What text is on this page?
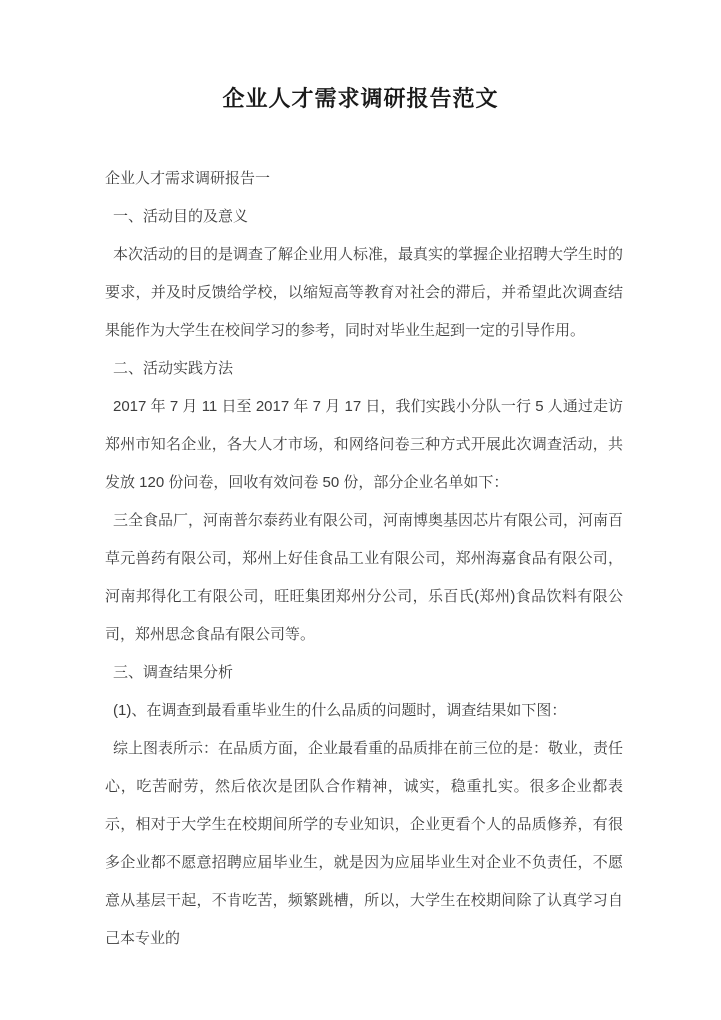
企业人才需求调研报告范文

企业人才需求调研报告一

一、活动目的及意义

本次活动的目的是调查了解企业用人标准，最真实的掌握企业招聘大学生时的要求，并及时反馈给学校，以缩短高等教育对社会的滞后，并希望此次调查结果能作为大学生在校间学习的参考，同时对毕业生起到一定的引导作用。

二、活动实践方法

2017 年 7 月 11 日至 2017 年 7 月 17 日，我们实践小分队一行 5 人通过走访郑州市知名企业，各大人才市场，和网络问卷三种方式开展此次调查活动，共发放 120 份问卷，回收有效问卷 50 份，部分企业名单如下：

三全食品厂，河南普尔泰药业有限公司，河南博奥基因芯片有限公司，河南百草元兽药有限公司，郑州上好佳食品工业有限公司，郑州海嘉食品有限公司，河南邦得化工有限公司，旺旺集团郑州分公司，乐百氏(郑州)食品饮料有限公司，郑州思念食品有限公司等。

三、调查结果分析

(1)、在调查到最看重毕业生的什么品质的问题时，调查结果如下图：

综上图表所示：在品质方面，企业最看重的品质排在前三位的是：敬业，责任心，吃苦耐劳，然后依次是团队合作精神，诚实，稳重扎实。很多企业都表示，相对于大学生在校期间所学的专业知识，企业更看个人的品质修养，有很多企业都不愿意招聘应届毕业生，就是因为应届毕业生对企业不负责任，不愿意从基层干起，不肯吃苦，频繁跳槽，所以，大学生在校期间除了认真学习自己本专业的
